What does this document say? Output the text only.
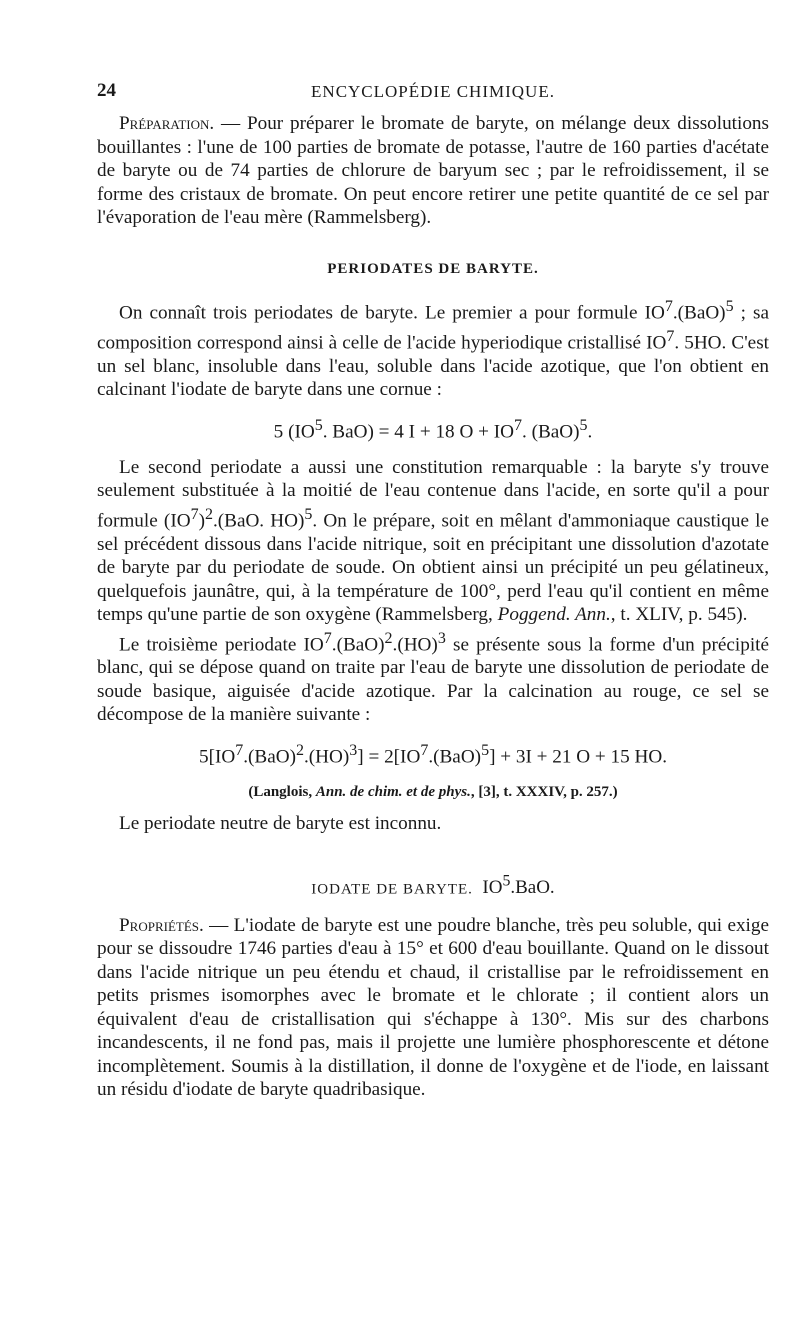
24	ENCYCLOPÉDIE CHIMIQUE.

Préparation. — Pour préparer le bromate de baryte, on mélange deux dissolutions bouillantes : l'une de 100 parties de bromate de potasse, l'autre de 160 parties d'acétate de baryte ou de 74 parties de chlorure de baryum sec ; par le refroidissement, il se forme des cristaux de bromate. On peut encore retirer une petite quantité de ce sel par l'évaporation de l'eau mère (Rammelsberg).

PERIODATES DE BARYTE.

On connaît trois periodates de baryte. Le premier a pour formule $IO^7.(BaO)^5$ ; sa composition correspond ainsi à celle de l'acide hyperiodique cristallisé $IO^7$. 5HO. C'est un sel blanc, insoluble dans l'eau, soluble dans l'acide azotique, que l'on obtient en calcinant l'iodate de baryte dans une cornue :

5 ($IO^5$. BaO) = 4 I + 18 $O + IO^7$. (BaO)$^5$.

Le second periodate a aussi une constitution remarquable : la baryte s'y trouve seulement substituée à la moitié de l'eau contenue dans l'acide, en sorte qu'il a pour formule $(IO^7)^2.(BaO$. HO)$^5$. On le prépare, soit en mêlant d'ammoniaque caustique le sel précédent dissous dans l'acide nitrique, soit en précipitant une dissolution d'azotate de baryte par du periodate de soude. On obtient ainsi un précipité un peu gélatineux, quelquefois jaunâtre, qui, à la température de 100°, perd l'eau qu'il contient en même temps qu'une partie de son oxygène (Rammelsberg, Poggend. Ann., t. XLIV, p. 545).

Le troisième periodate $IO^7.(BaO)^2.(HO)^3$ se présente sous la forme d'un précipité blanc, qui se dépose quand on traite par l'eau de baryte une dissolution de periodate de soude basique, aiguisée d'acide azotique. Par la calcination au rouge, ce sel se décompose de la manière suivante :

$5[IO^7.(BaO)^2.(HO)^3] = 2[IO^7.(BaO)^5] + 3I + 21$ O + 15 HO.

(Langlois, Ann. de chim. et de phys., [3], t. XXXIV, p. 257.)

Le periodate neutre de baryte est inconnu.

IODATE DE BARYTE. $IO^5.BaO$.

Propriétés. — L'iodate de baryte est une poudre blanche, très peu soluble, qui exige pour se dissoudre 1746 parties d'eau à 15° et 600 d'eau bouillante. Quand on le dissout dans l'acide nitrique un peu étendu et chaud, il cristallise par le refroidissement en petits prismes isomorphes avec le bromate et le chlorate ; il contient alors un équivalent d'eau de cristallisation qui s'échappe à 130°. Mis sur des charbons incandescents, il ne fond pas, mais il projette une lumière phosphorescente et détone incomplètement. Soumis à la distillation, il donne de l'oxygène et de l'iode, en laissant un résidu d'iodate de baryte quadribasique.
